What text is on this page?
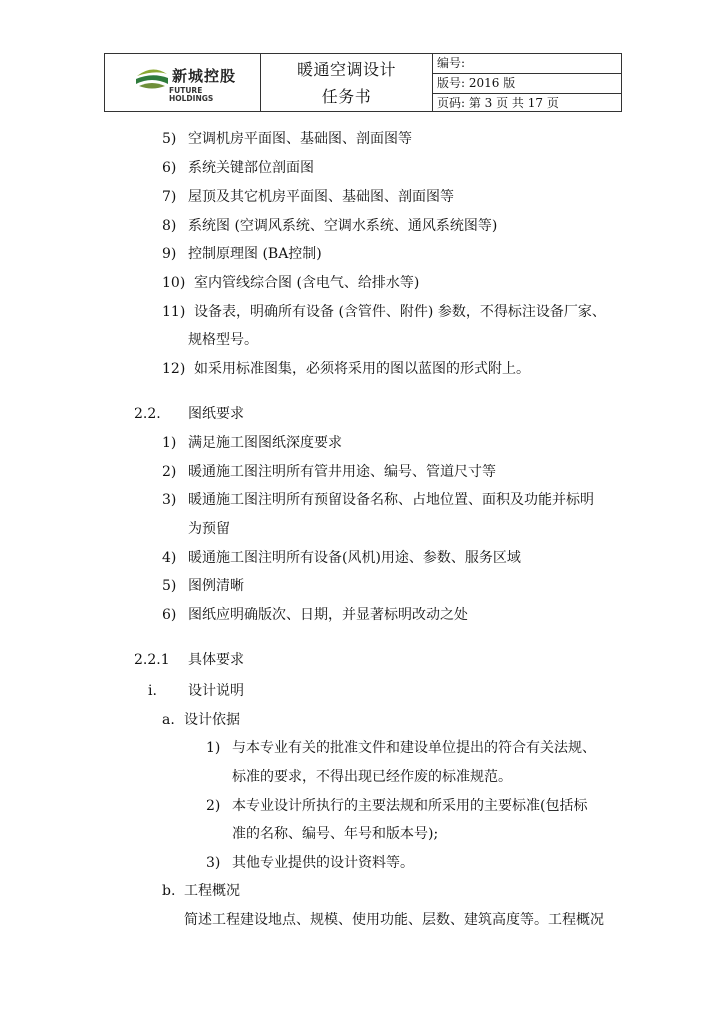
新城控股
FUTURE
HOLDINGS
暖通空调设计
任务书
编号:
版号: 2016 版
页码: 第 3 页 共 17 页
5) 空调机房平面图、基础图、剖面图等
6) 系统关键部位剖面图
7) 屋顶及其它机房平面图、基础图、剖面图等
8) 系统图 (空调风系统、空调水系统、通风系统图等)
9) 控制原理图 (BA控制)
10) 室内管线综合图 (含电气、给排水等)
11) 设备表，明确所有设备 (含管件、附件) 参数，不得标注设备厂家、
规格型号。
12) 如采用标准图集，必须将采用的图以蓝图的形式附上。
2.2. 图纸要求
1) 满足施工图图纸深度要求
2) 暖通施工图注明所有管井用途、编号、管道尺寸等
3) 暖通施工图注明所有预留设备名称、占地位置、面积及功能并标明
为预留
4) 暖通施工图注明所有设备(风机)用途、参数、服务区域
5) 图例清晰
6) 图纸应明确版次、日期，并显著标明改动之处
2.2.1 具体要求
i. 设计说明
a. 设计依据
1) 与本专业有关的批准文件和建设单位提出的符合有关法规、
标准的要求，不得出现已经作废的标准规范。
2) 本专业设计所执行的主要法规和所采用的主要标准(包括标
准的名称、编号、年号和版本号);
3) 其他专业提供的设计资料等。
b. 工程概况
简述工程建设地点、规模、使用功能、层数、建筑高度等。工程概况
